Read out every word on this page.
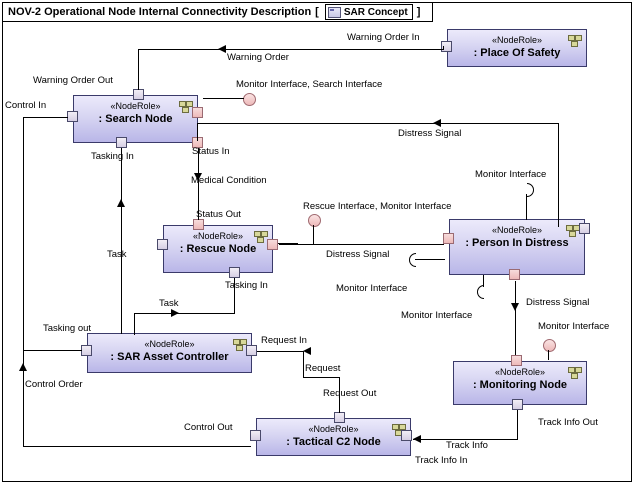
NOV-2 Operational Node Internal Connectivity Description [	SAR Concept ]
«NodeRole»
: Place Of Safety
«NodeRole»
: Search Node
«NodeRole»
: Rescue Node
«NodeRole»
: Person In Distress
«NodeRole»
: SAR Asset Controller
«NodeRole»
: Monitoring Node
«NodeRole»
: Tactical C2 Node
Warning Order In
Warning Order
Warning Order Out
Control In
Monitor Interface, Search Interface
Tasking In	Status In
Medical Condition
Distress Signal
Monitor Interface
Status Out
Rescue Interface, Monitor Interface
Distress Signal
Monitor Interface
Task
Tasking In
Task
Tasking out
Monitor Interface
Distress Signal
Monitor Interface
Request In
Request
Request Out
Control Order
Control Out
Track Info
Track Info In
Track Info Out
